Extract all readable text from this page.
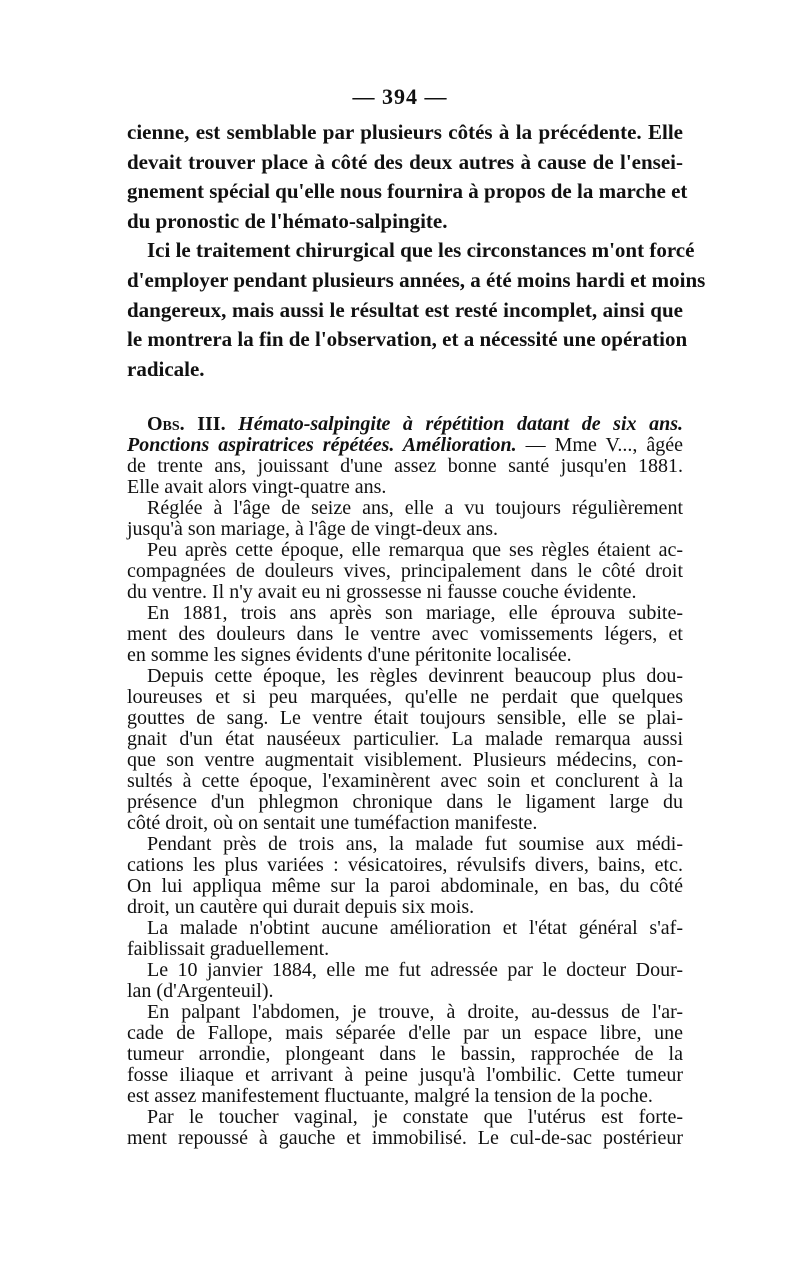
— 394 —
cienne, est semblable par plusieurs côtés à la précédente. Elle
devait trouver place à côté des deux autres à cause de l'ensei-
gnement spécial qu'elle nous fournira à propos de la marche et
du pronostic de l'hémato-salpingite.
Ici le traitement chirurgical que les circonstances m'ont forcé
d'employer pendant plusieurs années, a été moins hardi et moins
dangereux, mais aussi le résultat est resté incomplet, ainsi que
le montrera la fin de l'observation, et a nécessité une opération
radicale.
Obs. III. Hémato-salpingite à répétition datant de six ans.
Ponctions aspiratrices répétées. Amélioration. — Mme V..., âgée
de trente ans, jouissant d'une assez bonne santé jusqu'en 1881.
Elle avait alors vingt-quatre ans.
Réglée à l'âge de seize ans, elle a vu toujours régulièrement
jusqu'à son mariage, à l'âge de vingt-deux ans.
Peu après cette époque, elle remarqua que ses règles étaient ac-
compagnées de douleurs vives, principalement dans le côté droit
du ventre. Il n'y avait eu ni grossesse ni fausse couche évidente.
En 1881, trois ans après son mariage, elle éprouva subite-
ment des douleurs dans le ventre avec vomissements légers, et
en somme les signes évidents d'une péritonite localisée.
Depuis cette époque, les règles devinrent beaucoup plus dou-
loureuses et si peu marquées, qu'elle ne perdait que quelques
gouttes de sang. Le ventre était toujours sensible, elle se plai-
gnait d'un état nauséeux particulier. La malade remarqua aussi
que son ventre augmentait visiblement. Plusieurs médecins, con-
sultés à cette époque, l'examinèrent avec soin et conclurent à la
présence d'un phlegmon chronique dans le ligament large du
côté droit, où on sentait une tuméfaction manifeste.
Pendant près de trois ans, la malade fut soumise aux médi-
cations les plus variées : vésicatoires, révulsifs divers, bains, etc.
On lui appliqua même sur la paroi abdominale, en bas, du côté
droit, un cautère qui durait depuis six mois.
La malade n'obtint aucune amélioration et l'état général s'af-
faiblissait graduellement.
Le 10 janvier 1884, elle me fut adressée par le docteur Dour-
lan (d'Argenteuil).
En palpant l'abdomen, je trouve, à droite, au-dessus de l'ar-
cade de Fallope, mais séparée d'elle par un espace libre, une
tumeur arrondie, plongeant dans le bassin, rapprochée de la
fosse iliaque et arrivant à peine jusqu'à l'ombilic. Cette tumeur
est assez manifestement fluctuante, malgré la tension de la poche.
Par le toucher vaginal, je constate que l'utérus est forte-
ment repoussé à gauche et immobilisé. Le cul-de-sac postérieur
